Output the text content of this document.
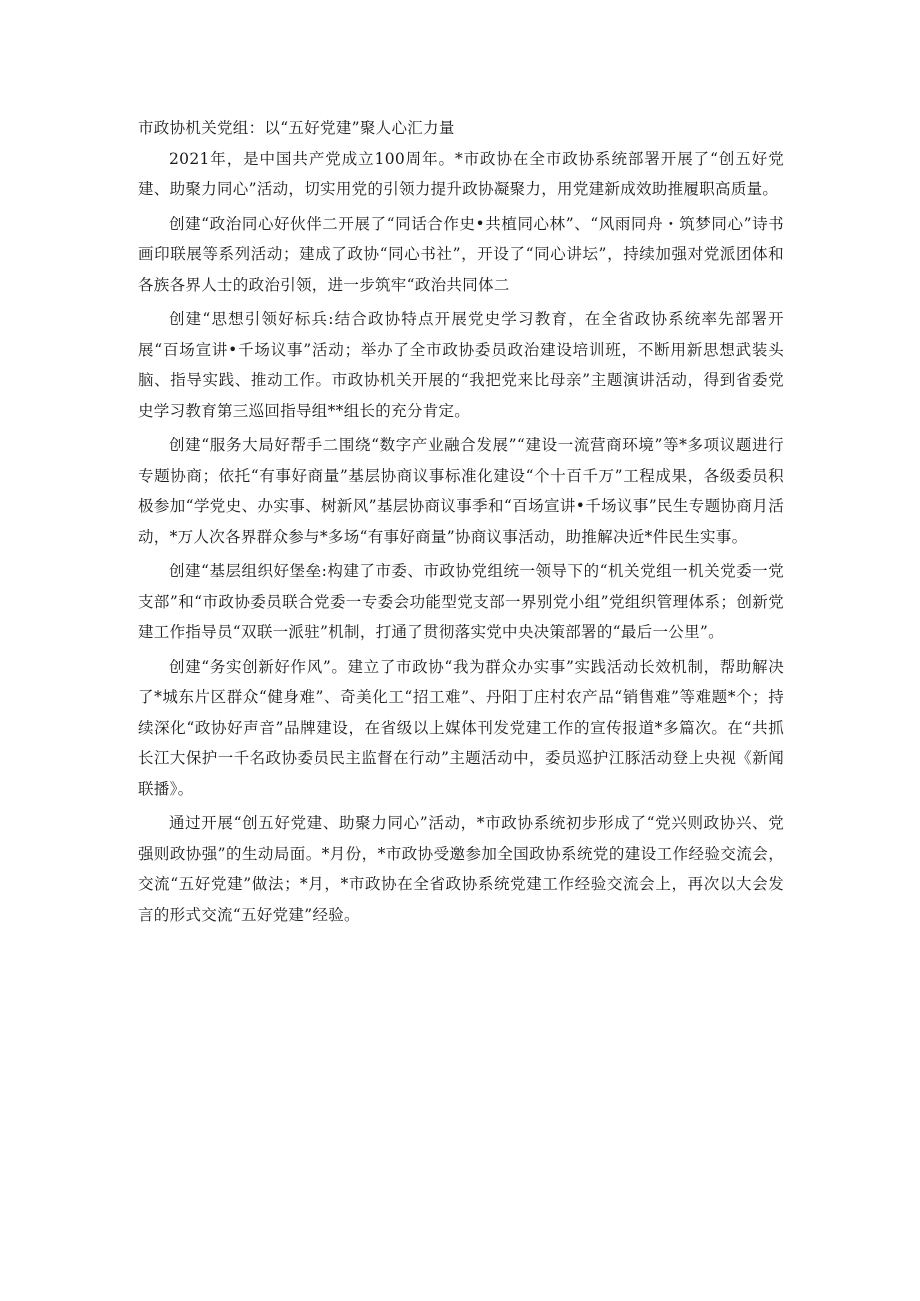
市政协机关党组：以“五好党建”聚人心汇力量

2021年，是中国共产党成立100周年。*市政协在全市政协系统部署开展了“创五好党建、助聚力同心”活动，切实用党的引领力提升政协凝聚力，用党建新成效助推履职高质量。

创建“政治同心好伙伴二开展了“同话合作史•共植同心林”、“风雨同舟・筑梦同心”诗书画印联展等系列活动；建成了政协“同心书社”，开设了“同心讲坛”，持续加强对党派团体和各族各界人士的政治引领，进一步筑牢“政治共同体二

创建“思想引领好标兵:结合政协特点开展党史学习教育，在全省政协系统率先部署开展“百场宣讲•千场议事”活动；举办了全市政协委员政治建设培训班，不断用新思想武装头脑、指导实践、推动工作。市政协机关开展的“我把党来比母亲”主题演讲活动，得到省委党史学习教育第三巡回指导组**组长的充分肯定。

创建“服务大局好帮手二围绕“数字产业融合发展”“建设一流营商环境”等*多项议题进行专题协商；依托“有事好商量”基层协商议事标准化建设“个十百千万”工程成果，各级委员积极参加“学党史、办实事、树新风”基层协商议事季和“百场宣讲•千场议事”民生专题协商月活动，*万人次各界群众参与*多场“有事好商量”协商议事活动，助推解决近*件民生实事。

创建“基层组织好堡垒:构建了市委、市政协党组统一领导下的“机关党组一机关党委一党支部”和“市政协委员联合党委一专委会功能型党支部一界别党小组”党组织管理体系；创新党建工作指导员“双联一派驻”机制，打通了贯彻落实党中央决策部署的“最后一公里”。

创建“务实创新好作风”。建立了市政协“我为群众办实事”实践活动长效机制，帮助解决了*城东片区群众“健身难”、奇美化工“招工难”、丹阳丁庄村农产品“销售难”等难题*个；持续深化“政协好声音”品牌建设，在省级以上媒体刊发党建工作的宣传报道*多篇次。在“共抓长江大保护一千名政协委员民主监督在行动”主题活动中，委员巡护江豚活动登上央视《新闻联播》。

通过开展“创五好党建、助聚力同心”活动，*市政协系统初步形成了“党兴则政协兴、党强则政协强”的生动局面。*月份，*市政协受邀参加全国政协系统党的建设工作经验交流会，交流“五好党建”做法；*月，*市政协在全省政协系统党建工作经验交流会上，再次以大会发言的形式交流“五好党建”经验。
